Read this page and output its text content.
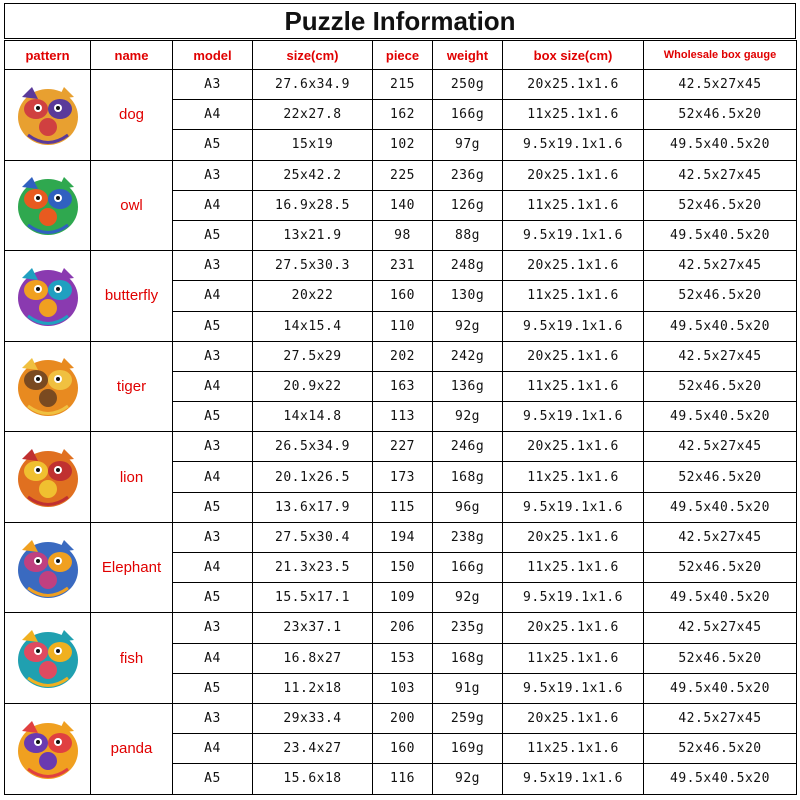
Puzzle Information
pattern	name	model	size(cm)	piece	weight	box size(cm)	Wholesale box gauge

	dog	A3	27.6x34.9	215	250g	20x25.1x1.6	42.5x27x45
		A4	22x27.8	162	166g	11x25.1x1.6	52x46.5x20
		A5	15x19	102	97g	9.5x19.1x1.6	49.5x40.5x20

	owl	A3	25x42.2	225	236g	20x25.1x1.6	42.5x27x45
		A4	16.9x28.5	140	126g	11x25.1x1.6	52x46.5x20
		A5	13x21.9	98	88g	9.5x19.1x1.6	49.5x40.5x20

	butterfly	A3	27.5x30.3	231	248g	20x25.1x1.6	42.5x27x45
		A4	20x22	160	130g	11x25.1x1.6	52x46.5x20
		A5	14x15.4	110	92g	9.5x19.1x1.6	49.5x40.5x20

	tiger	A3	27.5x29	202	242g	20x25.1x1.6	42.5x27x45
		A4	20.9x22	163	136g	11x25.1x1.6	52x46.5x20
		A5	14x14.8	113	92g	9.5x19.1x1.6	49.5x40.5x20

	lion	A3	26.5x34.9	227	246g	20x25.1x1.6	42.5x27x45
		A4	20.1x26.5	173	168g	11x25.1x1.6	52x46.5x20
		A5	13.6x17.9	115	96g	9.5x19.1x1.6	49.5x40.5x20

	Elephant	A3	27.5x30.4	194	238g	20x25.1x1.6	42.5x27x45
		A4	21.3x23.5	150	166g	11x25.1x1.6	52x46.5x20
		A5	15.5x17.1	109	92g	9.5x19.1x1.6	49.5x40.5x20

	fish	A3	23x37.1	206	235g	20x25.1x1.6	42.5x27x45
		A4	16.8x27	153	168g	11x25.1x1.6	52x46.5x20
		A5	11.2x18	103	91g	9.5x19.1x1.6	49.5x40.5x20

	panda	A3	29x33.4	200	259g	20x25.1x1.6	42.5x27x45
		A4	23.4x27	160	169g	11x25.1x1.6	52x46.5x20
		A5	15.6x18	116	92g	9.5x19.1x1.6	49.5x40.5x20
